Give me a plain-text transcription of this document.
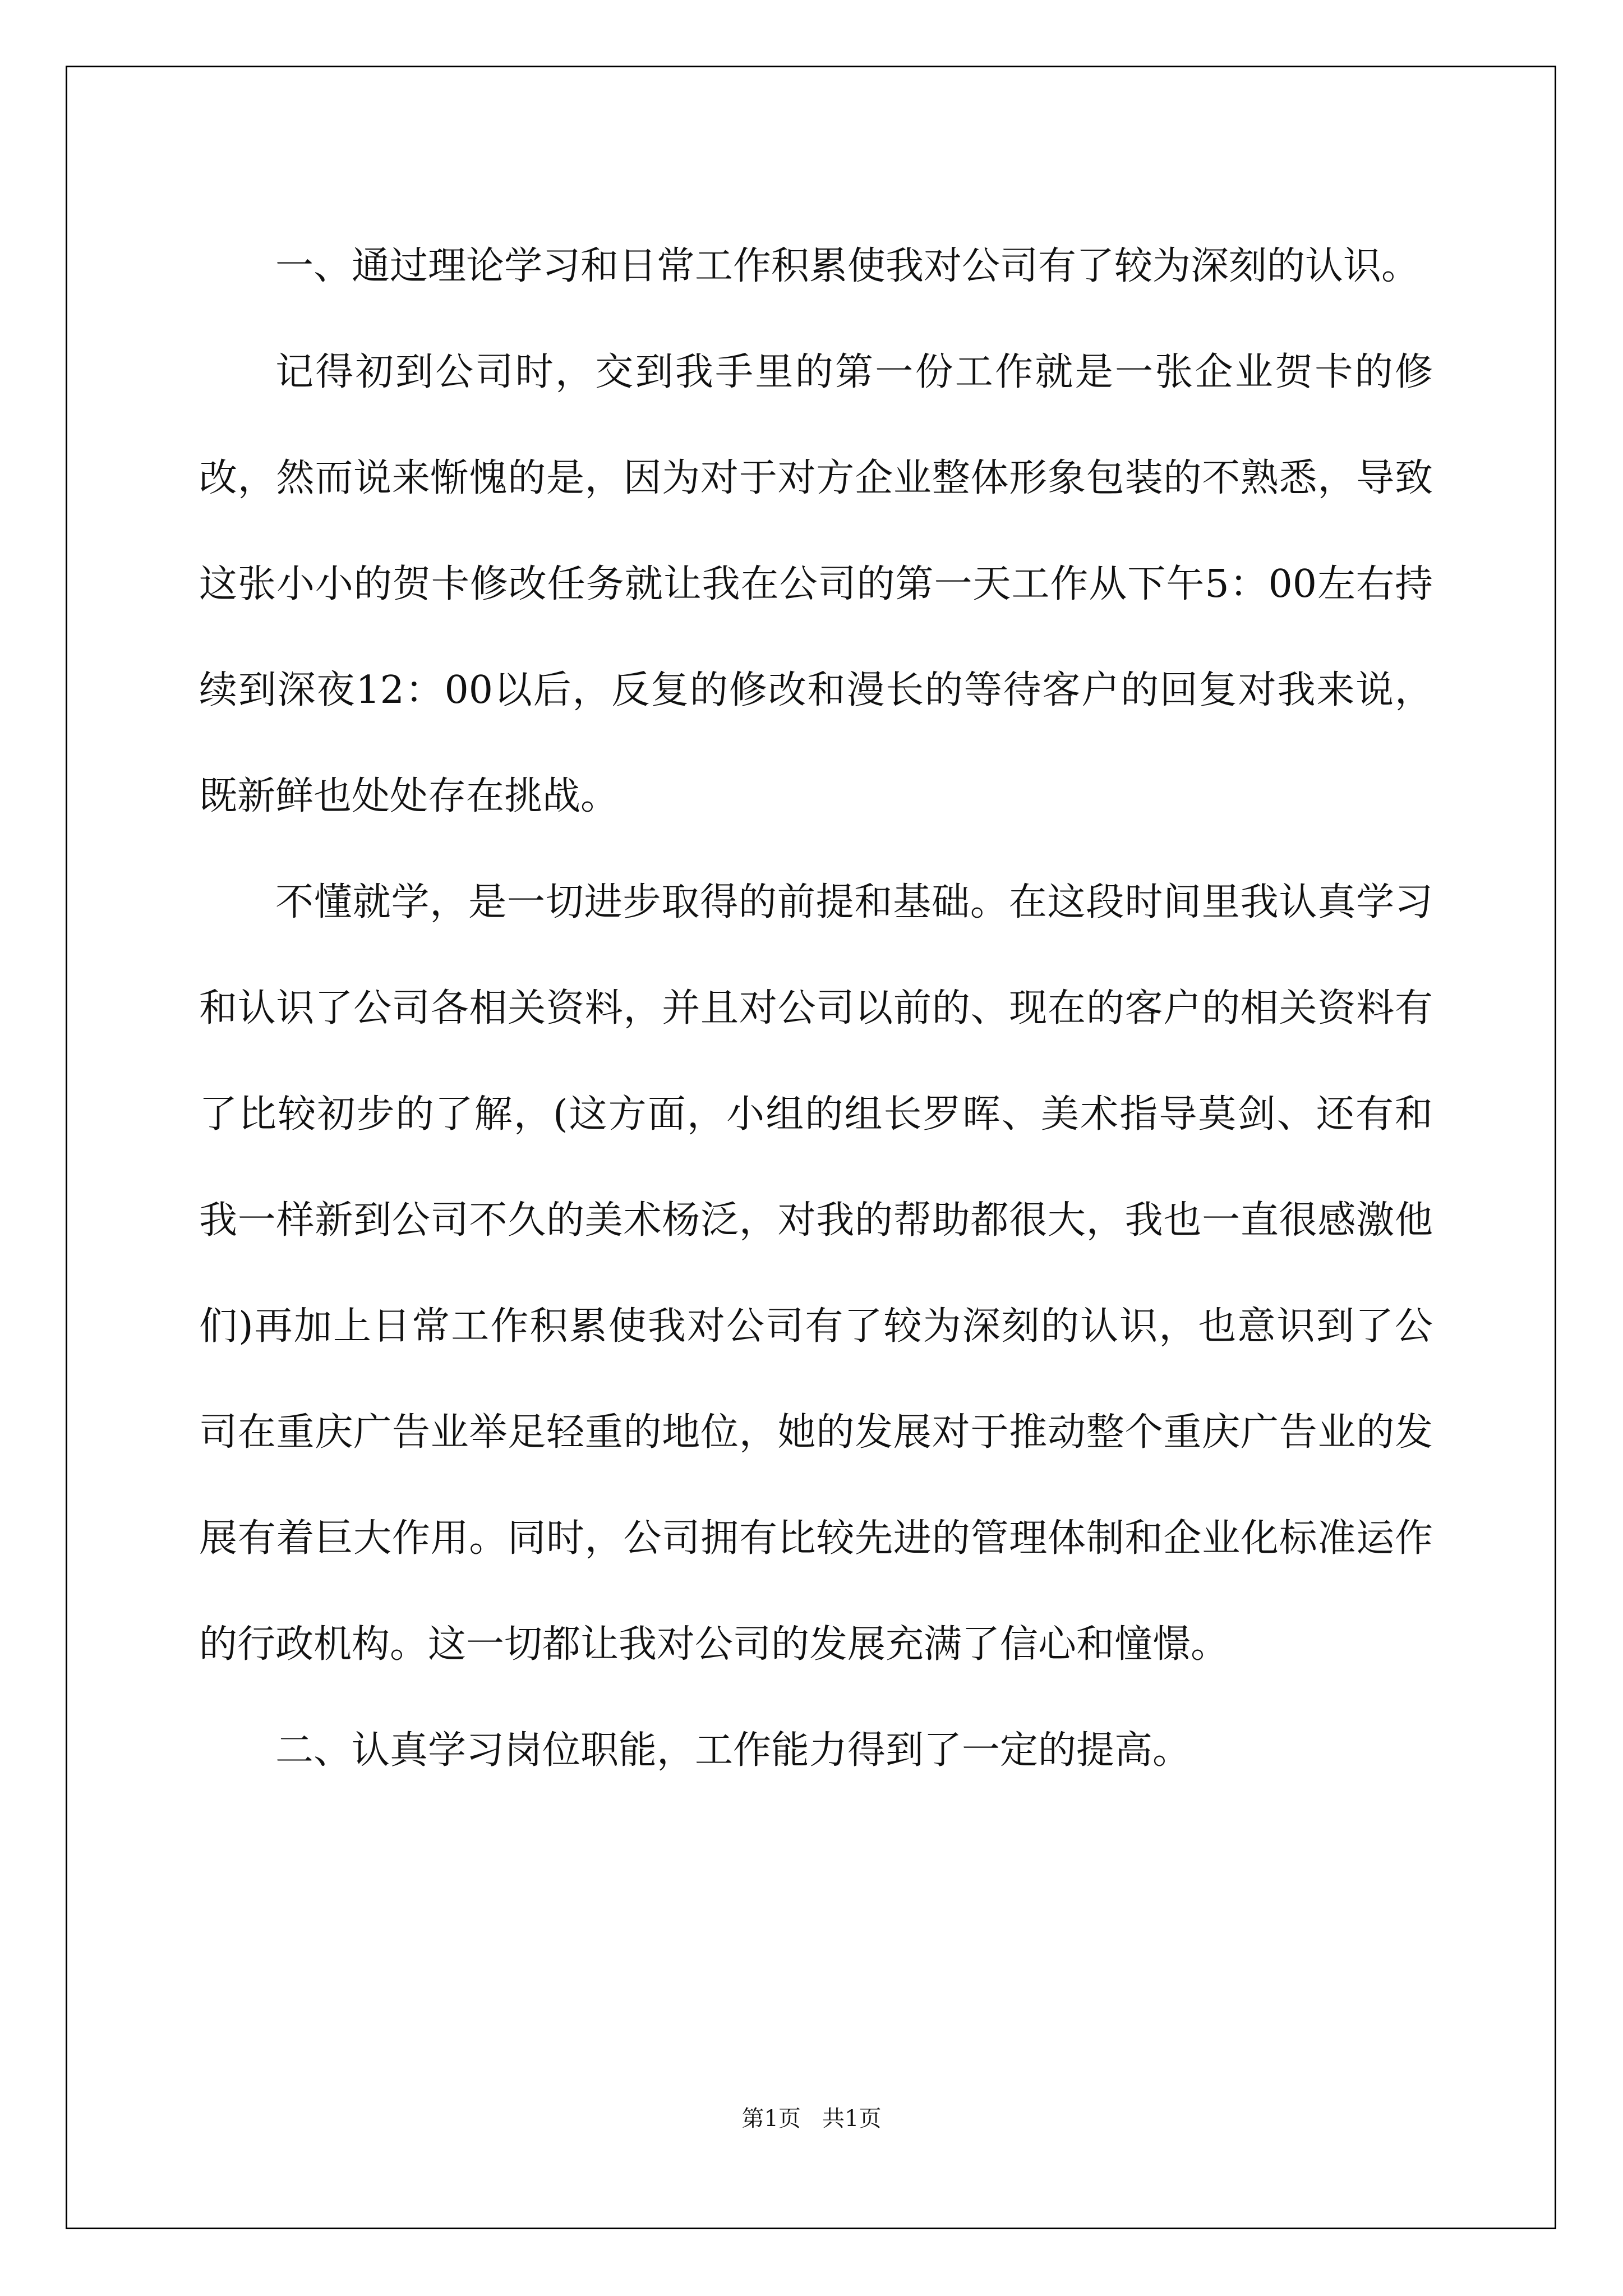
一、通过理论学习和日常工作积累使我对公司有了较为深刻的认识。

记得初到公司时，交到我手里的第一份工作就是一张企业贺卡的修改，然而说来惭愧的是，因为对于对方企业整体形象包装的不熟悉，导致这张小小的贺卡修改任务就让我在公司的第一天工作从下午5：00左右持续到深夜12：00以后，反复的修改和漫长的等待客户的回复对我来说，既新鲜也处处存在挑战。

不懂就学，是一切进步取得的前提和基础。在这段时间里我认真学习和认识了公司各相关资料，并且对公司以前的、现在的客户的相关资料有了比较初步的了解，(这方面，小组的组长罗晖、美术指导莫剑、还有和我一样新到公司不久的美术杨泛，对我的帮助都很大，我也一直很感激他们)再加上日常工作积累使我对公司有了较为深刻的认识，也意识到了公司在重庆广告业举足轻重的地位，她的发展对于推动整个重庆广告业的发展有着巨大作用。同时，公司拥有比较先进的管理体制和企业化标准运作的行政机构。这一切都让我对公司的发展充满了信心和憧憬。

二、认真学习岗位职能，工作能力得到了一定的提高。

第1页   共1页
